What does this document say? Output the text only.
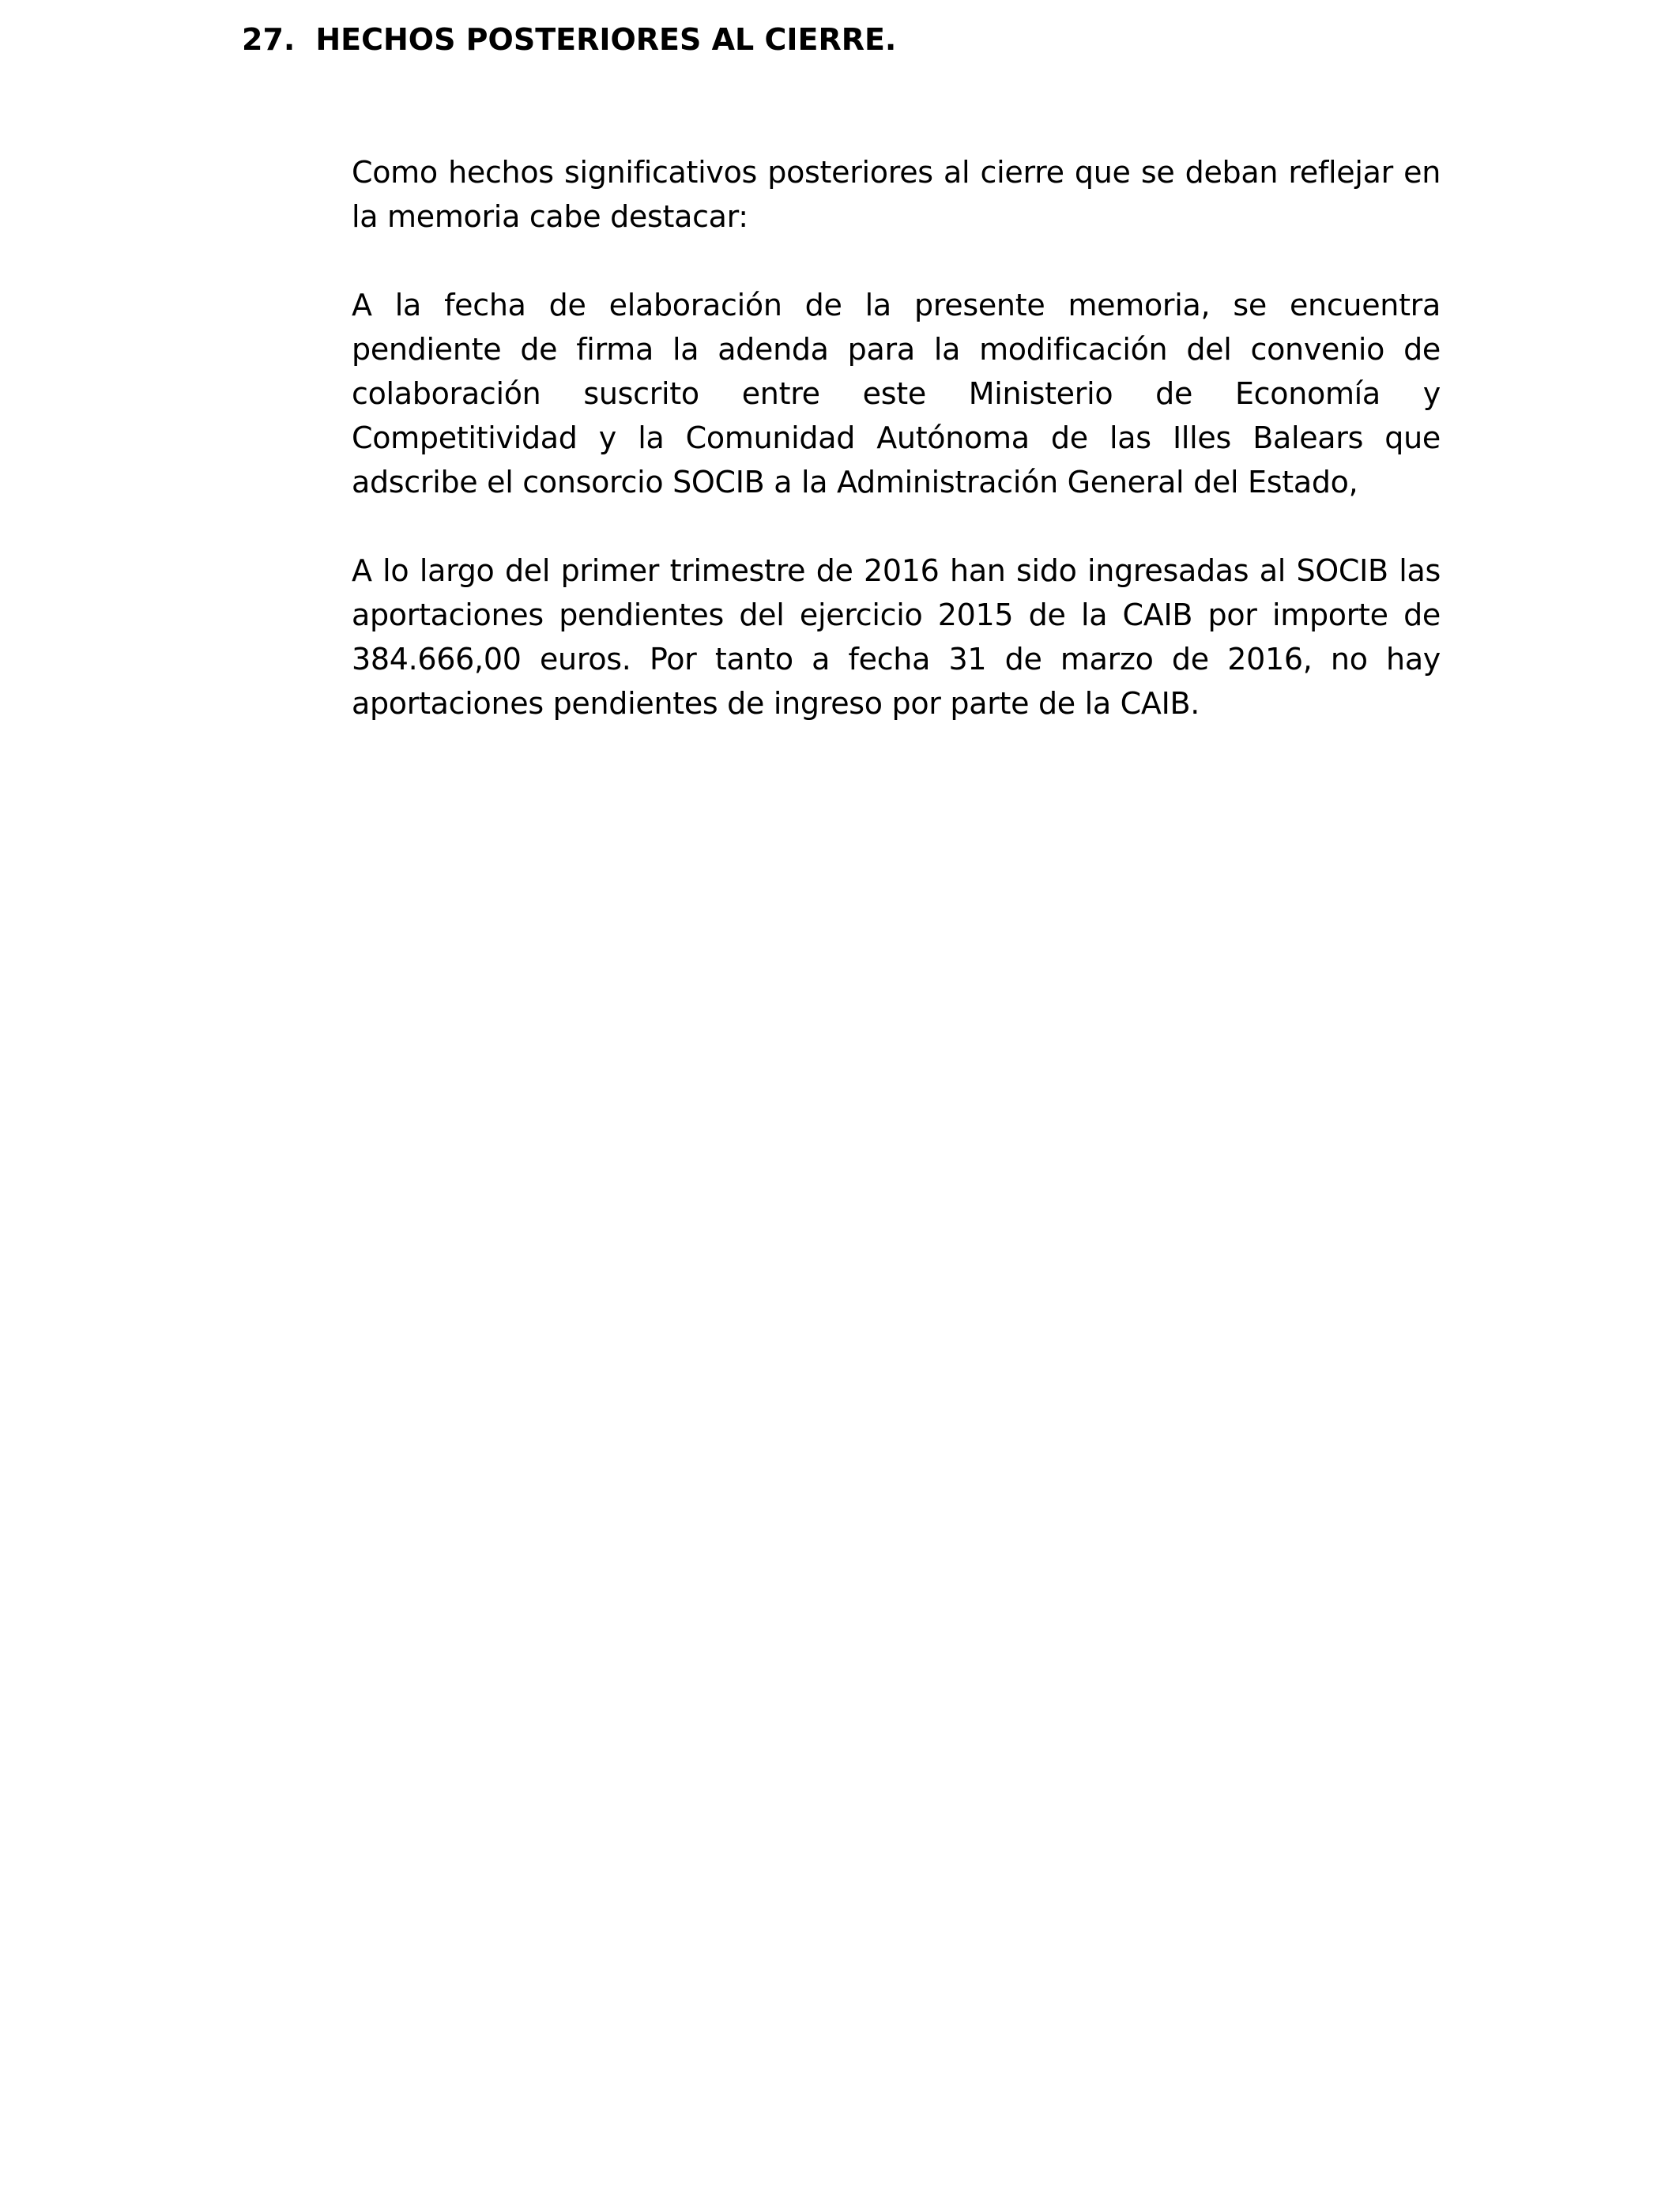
27. HECHOS POSTERIORES AL CIERRE.

Como hechos significativos posteriores al cierre que se deban reflejar en la memoria cabe destacar:

A la fecha de elaboración de la presente memoria, se encuentra pendiente de firma la adenda para la modificación del convenio de colaboración suscrito entre este Ministerio de Economía y Competitividad y la Comunidad Autónoma de las Illes Balears que adscribe el consorcio SOCIB a la Administración General del Estado,

A lo largo del primer trimestre de 2016 han sido ingresadas al SOCIB las aportaciones pendientes del ejercicio 2015 de la CAIB por importe de 384.666,00 euros. Por tanto a fecha 31 de marzo de 2016, no hay aportaciones pendientes de ingreso por parte de la CAIB.
